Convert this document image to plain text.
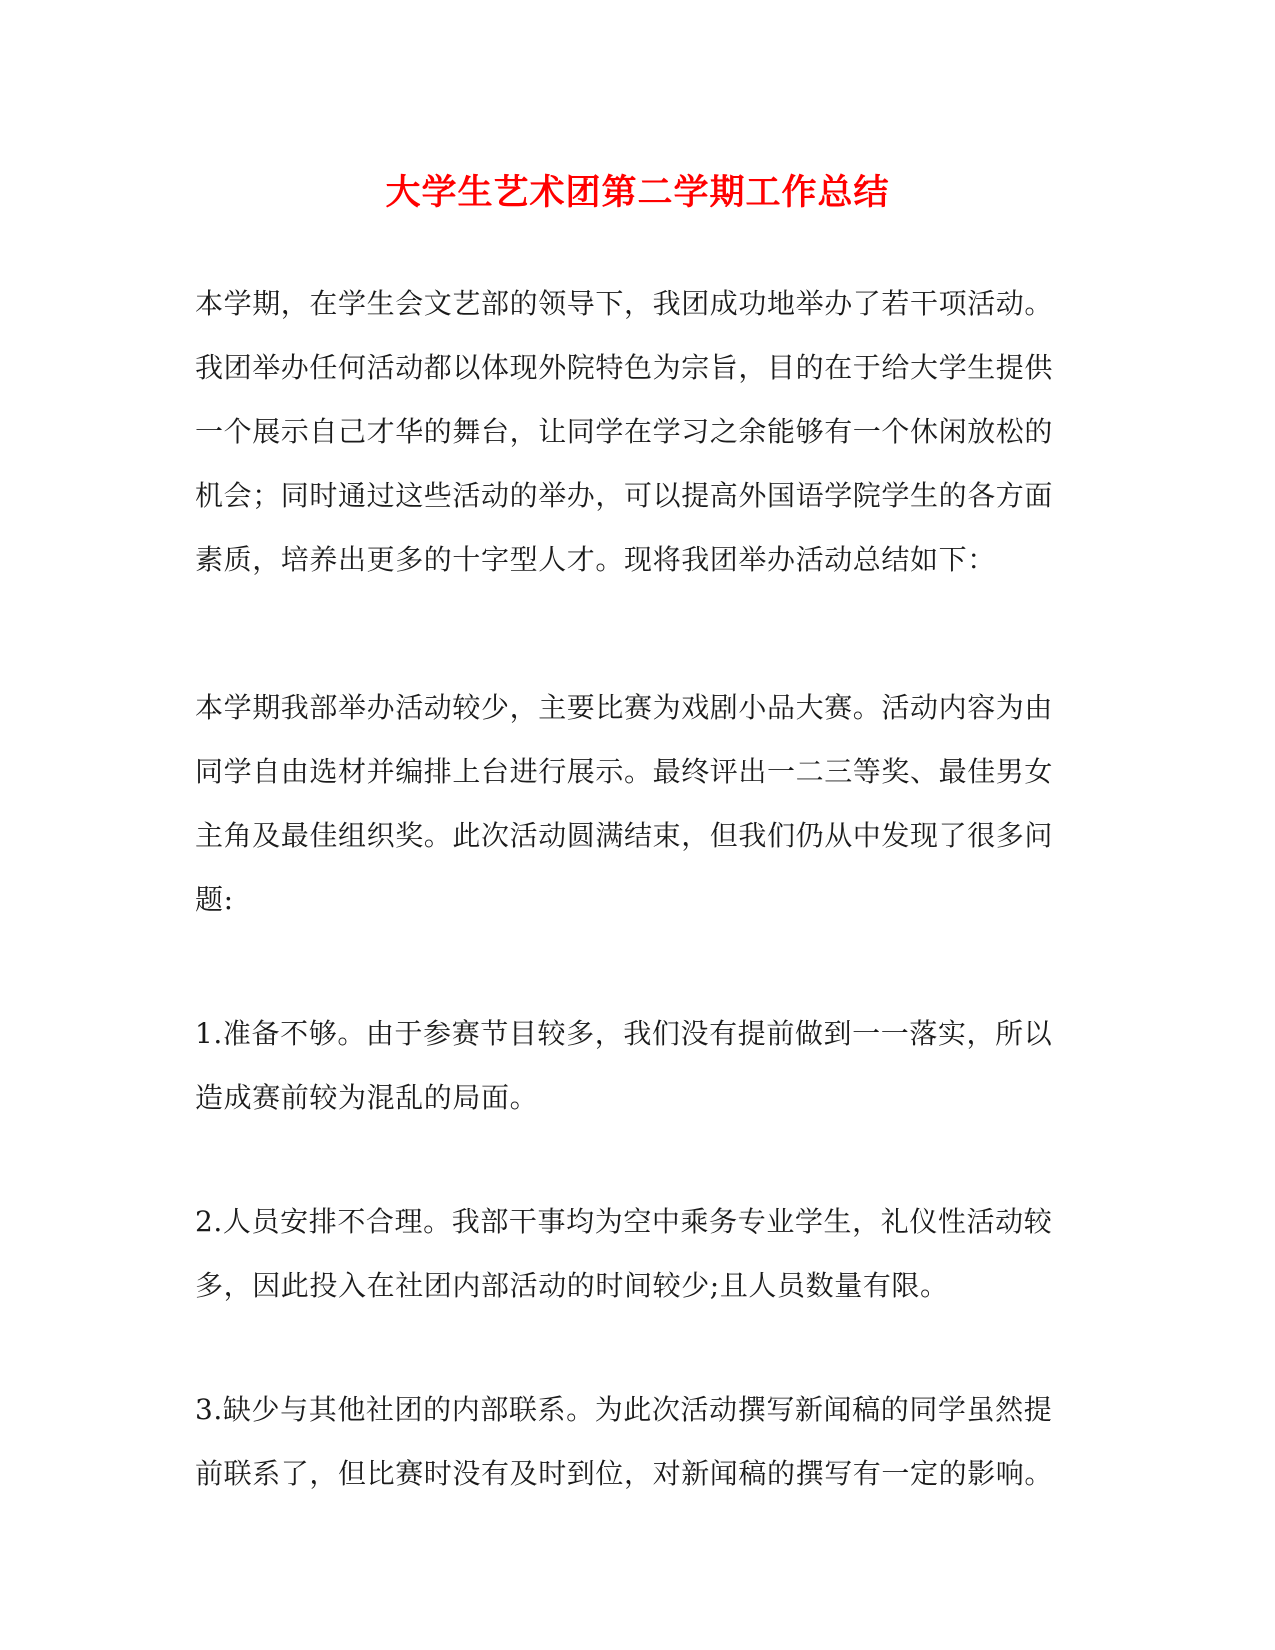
大学生艺术团第二学期工作总结

本学期，在学生会文艺部的领导下，我团成功地举办了若干项活动。
我团举办任何活动都以体现外院特色为宗旨，目的在于给大学生提供
一个展示自己才华的舞台，让同学在学习之余能够有一个休闲放松的
机会；同时通过这些活动的举办，可以提高外国语学院学生的各方面
素质，培养出更多的十字型人才。现将我团举办活动总结如下：

本学期我部举办活动较少，主要比赛为戏剧小品大赛。活动内容为由
同学自由选材并编排上台进行展示。最终评出一二三等奖、最佳男女
主角及最佳组织奖。此次活动圆满结束，但我们仍从中发现了很多问
题:

1.准备不够。由于参赛节目较多，我们没有提前做到一一落实，所以
造成赛前较为混乱的局面。

2.人员安排不合理。我部干事均为空中乘务专业学生，礼仪性活动较
多，因此投入在社团内部活动的时间较少;且人员数量有限。

3.缺少与其他社团的内部联系。为此次活动撰写新闻稿的同学虽然提
前联系了，但比赛时没有及时到位，对新闻稿的撰写有一定的影响。
